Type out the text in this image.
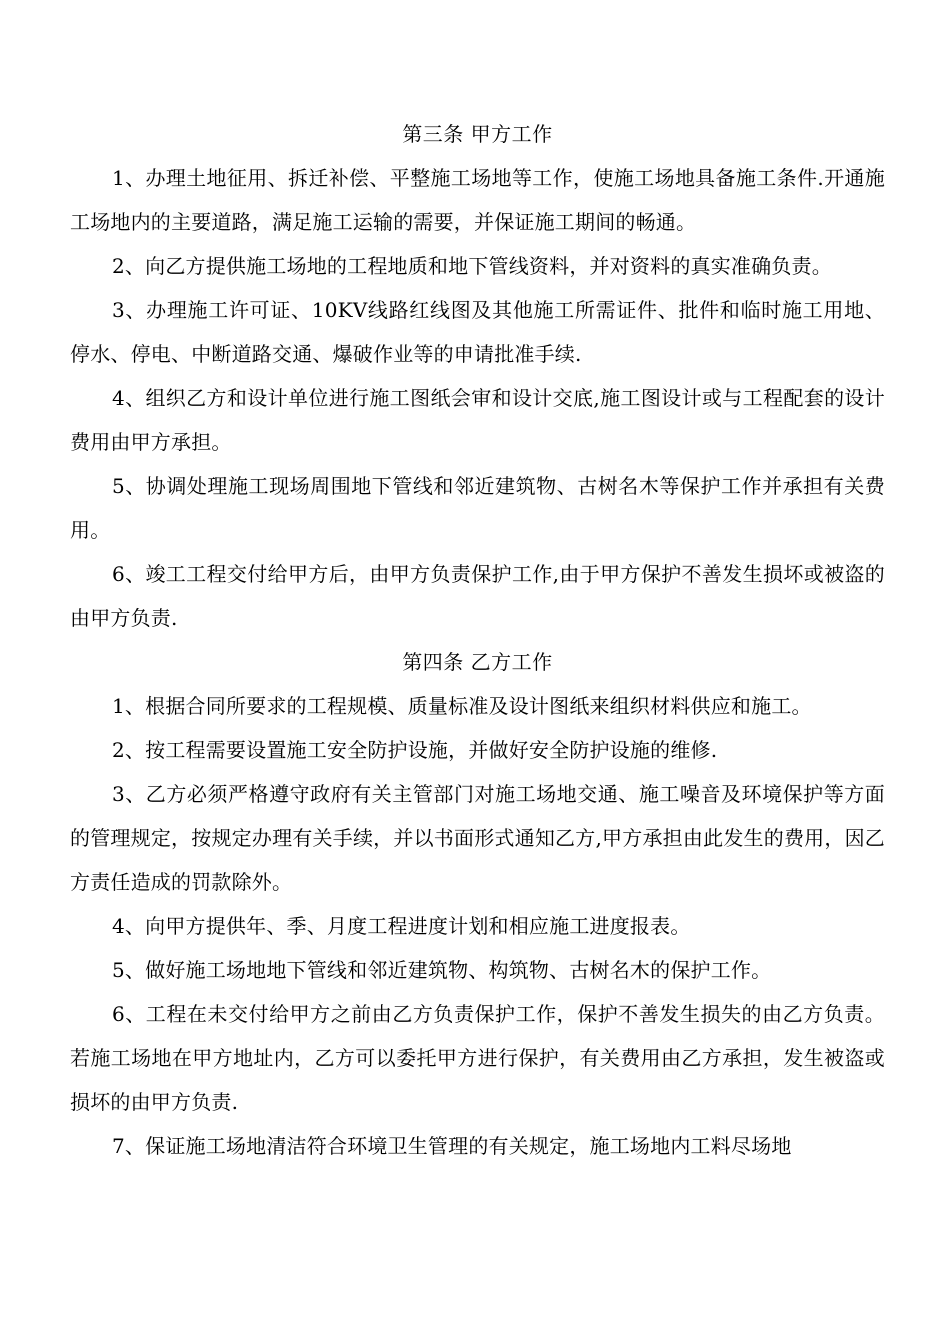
第三条 甲方工作

1、办理土地征用、拆迁补偿、平整施工场地等工作，使施工场地具备施工条件.开通施工场地内的主要道路，满足施工运输的需要，并保证施工期间的畅通。

2、向乙方提供施工场地的工程地质和地下管线资料，并对资料的真实准确负责。

3、办理施工许可证、10KV线路红线图及其他施工所需证件、批件和临时施工用地、停水、停电、中断道路交通、爆破作业等的申请批准手续.

4、组织乙方和设计单位进行施工图纸会审和设计交底,施工图设计或与工程配套的设计费用由甲方承担。

5、协调处理施工现场周围地下管线和邻近建筑物、古树名木等保护工作并承担有关费用。

6、竣工工程交付给甲方后，由甲方负责保护工作,由于甲方保护不善发生损坏或被盗的由甲方负责.

第四条 乙方工作

1、根据合同所要求的工程规模、质量标准及设计图纸来组织材料供应和施工。

2、按工程需要设置施工安全防护设施，并做好安全防护设施的维修.

3、乙方必须严格遵守政府有关主管部门对施工场地交通、施工噪音及环境保护等方面的管理规定，按规定办理有关手续，并以书面形式通知乙方,甲方承担由此发生的费用，因乙方责任造成的罚款除外。

4、向甲方提供年、季、月度工程进度计划和相应施工进度报表。

5、做好施工场地地下管线和邻近建筑物、构筑物、古树名木的保护工作。

6、工程在未交付给甲方之前由乙方负责保护工作，保护不善发生损失的由乙方负责。若施工场地在甲方地址内，乙方可以委托甲方进行保护，有关费用由乙方承担，发生被盗或损坏的由甲方负责.

7、保证施工场地清洁符合环境卫生管理的有关规定，施工场地内工料尽场地
